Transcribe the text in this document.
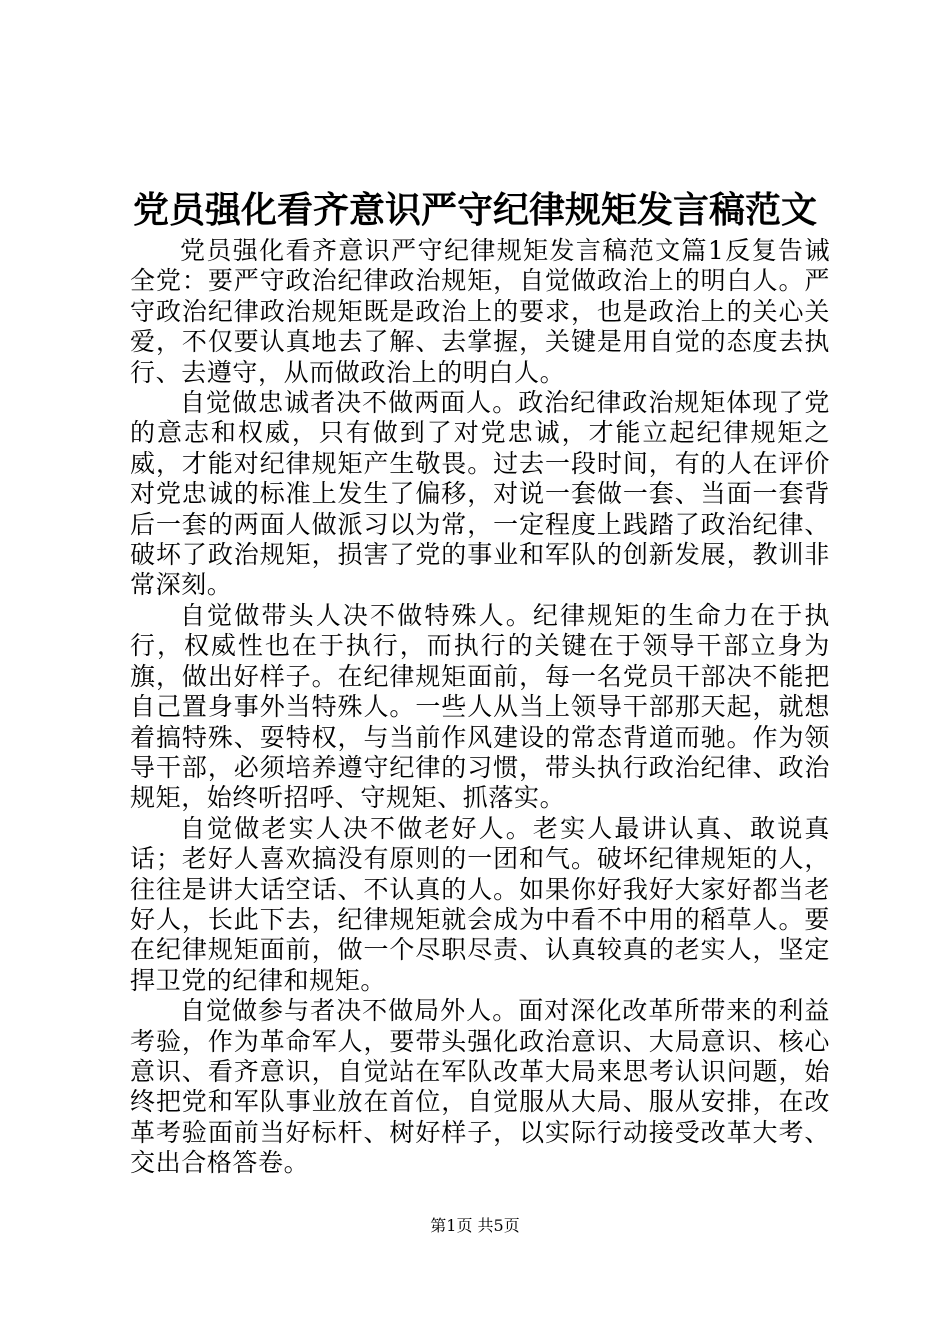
党员强化看齐意识严守纪律规矩发言稿范文

党员强化看齐意识严守纪律规矩发言稿范文篇1反复告诫全党：要严守政治纪律政治规矩，自觉做政治上的明白人。严守政治纪律政治规矩既是政治上的要求，也是政治上的关心关爱，不仅要认真地去了解、去掌握，关键是用自觉的态度去执行、去遵守，从而做政治上的明白人。

自觉做忠诚者决不做两面人。政治纪律政治规矩体现了党的意志和权威，只有做到了对党忠诚，才能立起纪律规矩之威，才能对纪律规矩产生敬畏。过去一段时间，有的人在评价对党忠诚的标准上发生了偏移，对说一套做一套、当面一套背后一套的两面人做派习以为常，一定程度上践踏了政治纪律、破坏了政治规矩，损害了党的事业和军队的创新发展，教训非常深刻。

自觉做带头人决不做特殊人。纪律规矩的生命力在于执行，权威性也在于执行，而执行的关键在于领导干部立身为旗，做出好样子。在纪律规矩面前，每一名党员干部决不能把自己置身事外当特殊人。一些人从当上领导干部那天起，就想着搞特殊、耍特权，与当前作风建设的常态背道而驰。作为领导干部，必须培养遵守纪律的习惯，带头执行政治纪律、政治规矩，始终听招呼、守规矩、抓落实。

自觉做老实人决不做老好人。老实人最讲认真、敢说真话；老好人喜欢搞没有原则的一团和气。破坏纪律规矩的人，往往是讲大话空话、不认真的人。如果你好我好大家好都当老好人，长此下去，纪律规矩就会成为中看不中用的稻草人。要在纪律规矩面前，做一个尽职尽责、认真较真的老实人，坚定捍卫党的纪律和规矩。

自觉做参与者决不做局外人。面对深化改革所带来的利益考验，作为革命军人，要带头强化政治意识、大局意识、核心意识、看齐意识，自觉站在军队改革大局来思考认识问题，始终把党和军队事业放在首位，自觉服从大局、服从安排，在改革考验面前当好标杆、树好样子，以实际行动接受改革大考、交出合格答卷。

第1页 共5页
